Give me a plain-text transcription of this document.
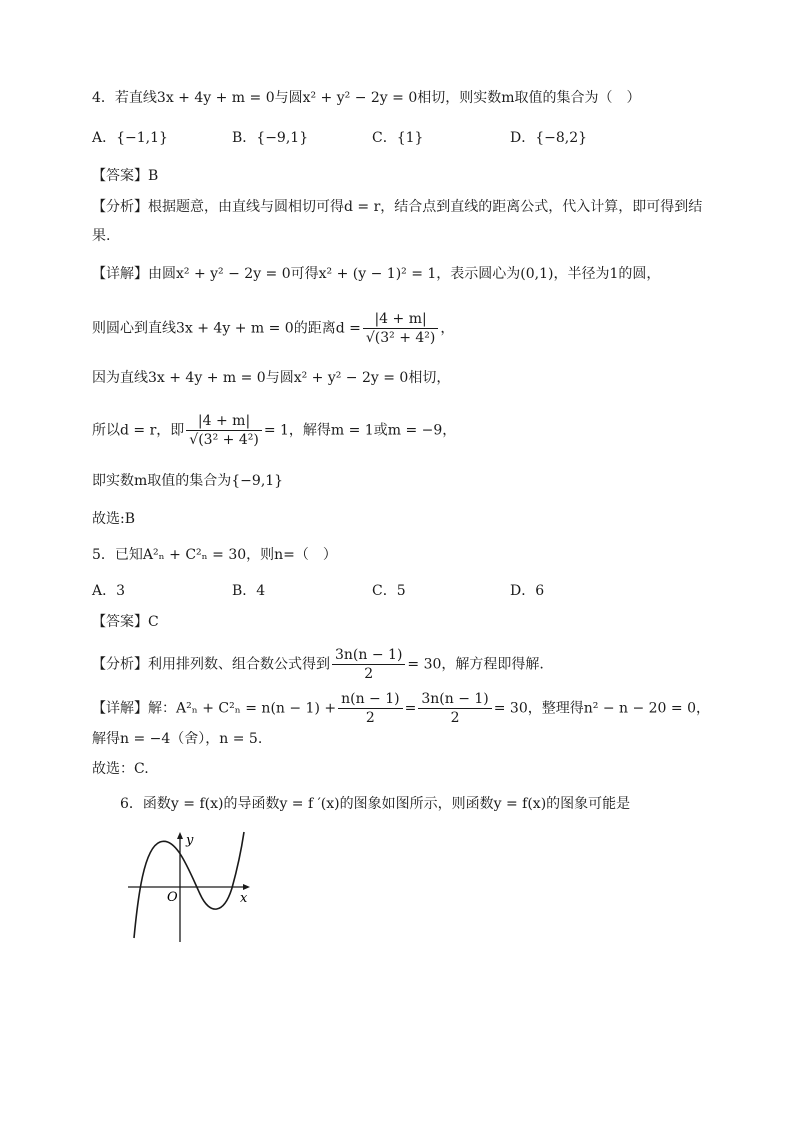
4．若直线3x + 4y + m = 0与圆x² + y² − 2y = 0相切，则实数m取值的集合为（　）
A．{−1,1}	B．{−9,1}	C．{1}	D．{−8,2}
【答案】B
【分析】根据题意，由直线与圆相切可得d = r，结合点到直线的距离公式，代入计算，即可得到结
果.
【详解】由圆x² + y² − 2y = 0可得x² + (y − 1)² = 1，表示圆心为(0,1)，半径为1的圆，
则圆心到直线3x + 4y + m = 0的距离$d = \frac{|4 + m|}{\text{√(3² + 4²)}}$ ，
因为直线3x + 4y + m = 0与圆x² + y² − 2y = 0相切，
所以d = r，即 $\frac{|4 + m|}{\text{√(3² + 4²)}} = 1$，解得m = 1或m = −9，
即实数m取值的集合为{−9,1}
故选:B
5．已知A²ₙ + C²ₙ = 30，则n=（　）
A．3	B．4	C．5	D．6
【答案】C
【分析】利用排列数、组合数公式得到 $\frac{3n(n - 1)}{2} = 30$，解方程即得解.
【详解】解：$A^2_n + C^2_n = n(n - 1) + \frac{n(n - 1)}{2} = \frac{3n(n - 1)}{2} = 30$，整理得n² − n − 20 = 0，
解得n = −4（舍），n = 5.
故选：C.
6．函数y = f(x)的导函数y = f ′(x)的图象如图所示，则函数y = f(x)的图象可能是
y
x
O
